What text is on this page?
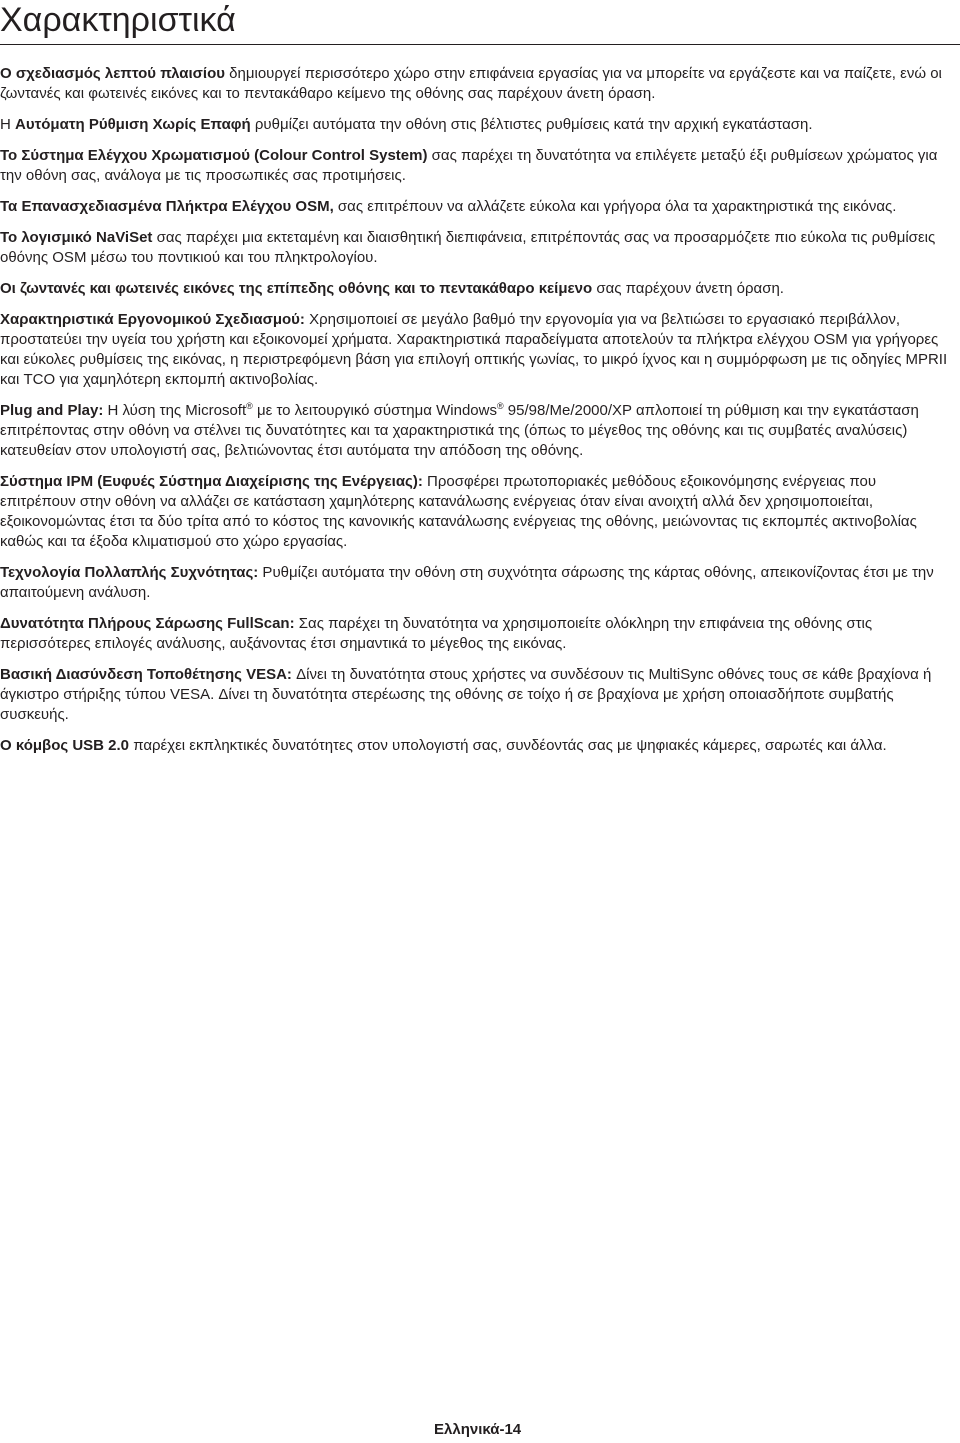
Χαρακτηριστικά

Ο σχεδιασμός λεπτού πλαισίου δημιουργεί περισσότερο χώρο στην επιφάνεια εργασίας για να μπορείτε να εργάζεστε και να παίζετε, ενώ οι ζωντανές και φωτεινές εικόνες και το πεντακάθαρο κείμενο της οθόνης σας παρέχουν άνετη όραση.

Η Αυτόματη Ρύθμιση Χωρίς Επαφή ρυθμίζει αυτόματα την οθόνη στις βέλτιστες ρυθμίσεις κατά την αρχική εγκατάσταση.

Το Σύστημα Ελέγχου Χρωματισμού (Colour Control System) σας παρέχει τη δυνατότητα να επιλέγετε μεταξύ έξι ρυθμίσεων χρώματος για την οθόνη σας, ανάλογα με τις προσωπικές σας προτιμήσεις.

Τα Επανασχεδιασμένα Πλήκτρα Ελέγχου OSM, σας επιτρέπουν να αλλάζετε εύκολα και γρήγορα όλα τα χαρακτηριστικά της εικόνας.

Το λογισμικό NaViSet σας παρέχει μια εκτεταμένη και διαισθητική διεπιφάνεια, επιτρέποντάς σας να προσαρμόζετε πιο εύκολα τις ρυθμίσεις οθόνης OSM μέσω του ποντικιού και του πληκτρολογίου.

Οι ζωντανές και φωτεινές εικόνες της επίπεδης οθόνης και το πεντακάθαρο κείμενο σας παρέχουν άνετη όραση.

Χαρακτηριστικά Εργονομικού Σχεδιασμού: Χρησιμοποιεί σε μεγάλο βαθμό την εργονομία για να βελτιώσει το εργασιακό περιβάλλον, προστατεύει την υγεία του χρήστη και εξοικονομεί χρήματα. Χαρακτηριστικά παραδείγματα αποτελούν τα πλήκτρα ελέγχου OSM για γρήγορες και εύκολες ρυθμίσεις της εικόνας, η περιστρεφόμενη βάση για επιλογή οπτικής γωνίας, το μικρό ίχνος και η συμμόρφωση με τις οδηγίες MPRII και TCO για χαμηλότερη εκπομπή ακτινοβολίας.

Plug and Play: Η λύση της Microsoft® με το λειτουργικό σύστημα Windows® 95/98/Me/2000/XP απλοποιεί τη ρύθμιση και την εγκατάσταση επιτρέποντας στην οθόνη να στέλνει τις δυνατότητες και τα χαρακτηριστικά της (όπως το μέγεθος της οθόνης και τις συμβατές αναλύσεις) κατευθείαν στον υπολογιστή σας, βελτιώνοντας έτσι αυτόματα την απόδοση της οθόνης.

Σύστημα IPM (Ευφυές Σύστημα Διαχείρισης της Ενέργειας): Προσφέρει πρωτοποριακές μεθόδους εξοικονόμησης ενέργειας που επιτρέπουν στην οθόνη να αλλάζει σε κατάσταση χαμηλότερης κατανάλωσης ενέργειας όταν είναι ανοιχτή αλλά δεν χρησιμοποιείται, εξοικονομώντας έτσι τα δύο τρίτα από το κόστος της κανονικής κατανάλωσης ενέργειας της οθόνης, μειώνοντας τις εκπομπές ακτινοβολίας καθώς και τα έξοδα κλιματισμού στο χώρο εργασίας.

Τεχνολογία Πολλαπλής Συχνότητας: Ρυθμίζει αυτόματα την οθόνη στη συχνότητα σάρωσης της κάρτας οθόνης, απεικονίζοντας έτσι με την απαιτούμενη ανάλυση.

Δυνατότητα Πλήρους Σάρωσης FullScan: Σας παρέχει τη δυνατότητα να χρησιμοποιείτε ολόκληρη την επιφάνεια της οθόνης στις περισσότερες επιλογές ανάλυσης, αυξάνοντας έτσι σημαντικά το μέγεθος της εικόνας.

Βασική Διασύνδεση Τοποθέτησης VESA: Δίνει τη δυνατότητα στους χρήστες να συνδέσουν τις MultiSync οθόνες τους σε κάθε βραχίονα ή άγκιστρο στήριξης τύπου VESA. Δίνει τη δυνατότητα στερέωσης της οθόνης σε τοίχο ή σε βραχίονα με χρήση οποιασδήποτε συμβατής συσκευής.

Ο κόμβος USB 2.0 παρέχει εκπληκτικές δυνατότητες στον υπολογιστή σας, συνδέοντάς σας με ψηφιακές κάμερες, σαρωτές και άλλα.

Ελληνικά-14
